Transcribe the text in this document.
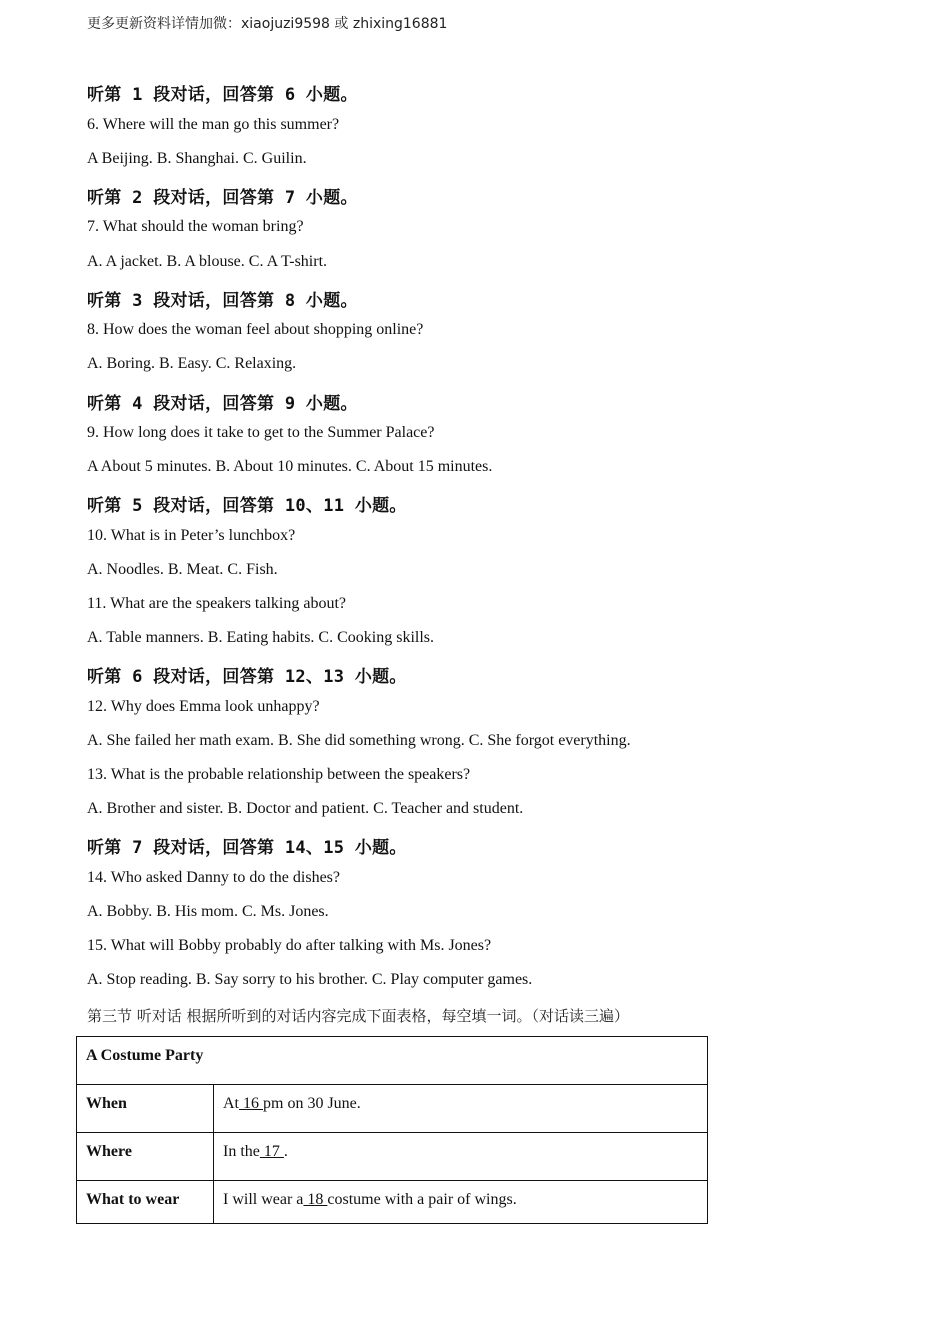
更多更新资料详情加微：xiaojuzi9598 或 zhixing16881
听第 1 段对话，回答第 6 小题。
6. Where will the man go this summer?
A Beijing. B. Shanghai. C. Guilin.
听第 2 段对话，回答第 7 小题。
7. What should the woman bring?
A. A jacket. B. A blouse. C. A T-shirt.
听第 3 段对话，回答第 8 小题。
8. How does the woman feel about shopping online?
A. Boring. B. Easy. C. Relaxing.
听第 4 段对话，回答第 9 小题。
9. How long does it take to get to the Summer Palace?
A About 5 minutes. B. About 10 minutes. C. About 15 minutes.
听第 5 段对话，回答第 10、11 小题。
10. What is in Peter’s lunchbox?
A. Noodles. B. Meat. C. Fish.
11. What are the speakers talking about?
A. Table manners. B. Eating habits. C. Cooking skills.
听第 6 段对话，回答第 12、13 小题。
12. Why does Emma look unhappy?
A. She failed her math exam. B. She did something wrong. C. She forgot everything.
13. What is the probable relationship between the speakers?
A. Brother and sister. B. Doctor and patient. C. Teacher and student.
听第 7 段对话，回答第 14、15 小题。
14. Who asked Danny to do the dishes?
A. Bobby. B. His mom. C. Ms. Jones.
15. What will Bobby probably do after talking with Ms. Jones?
A. Stop reading. B. Say sorry to his brother. C. Play computer games.
第三节 听对话 根据所听到的对话内容完成下面表格，每空填一词。（对话读三遍）
A Costume Party	
When	At 16 pm on 30 June.
Where	In the 17 .
What to wear	I will wear a 18 costume with a pair of wings.
